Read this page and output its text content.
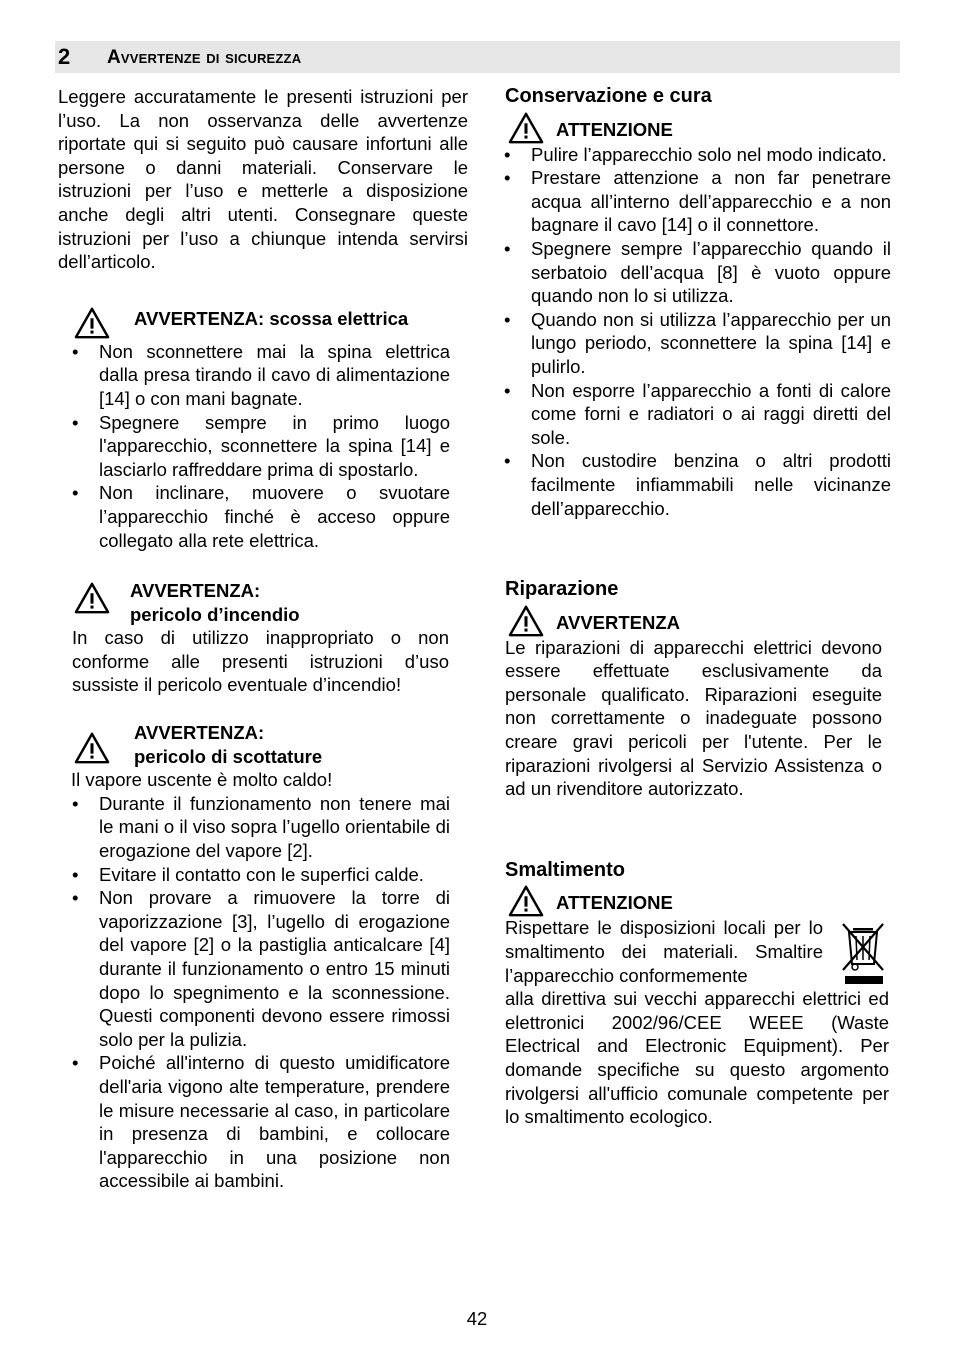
2 Avvertenze di sicurezza

Leggere accuratamente le presenti istruzioni per l’uso. La non osservanza delle avvertenze riportate qui si seguito può causare infortuni alle persone o danni materiali. Conservare le istruzioni per l’uso e metterle a disposizione anche degli altri utenti. Consegnare queste istruzioni per l’uso a chiunque intenda servirsi dell’articolo.

AVVERTENZA: scossa elettrica
• Non sconnettere mai la spina elettrica dalla presa tirando il cavo di alimentazione [14] o con mani bagnate.
• Spegnere sempre in primo luogo l'apparecchio, sconnettere la spina [14] e lasciarlo raffreddare prima di spostarlo.
• Non inclinare, muovere o svuotare l’apparecchio finché è acceso oppure collegato alla rete elettrica.
AVVERTENZA:
pericolo d’incendio

In caso di utilizzo inappropriato o non conforme alle presenti istruzioni d’uso sussiste il pericolo eventuale d’incendio!

AVVERTENZA:
pericolo di scottature

Il vapore uscente è molto caldo!

• Durante il funzionamento non tenere mai le mani o il viso sopra l’ugello orientabile di erogazione del vapore [2].
• Evitare il contatto con le superfici calde.
• Non provare a rimuovere la torre di vaporizzazione [3], l’ugello di erogazione del vapore [2] o la pastiglia anticalcare [4] durante il funzionamento o entro 15 minuti dopo lo spegnimento e la sconnessione. Questi componenti devono essere rimossi solo per la pulizia.
• Poiché all'interno di questo umidificatore dell'aria vigono alte temperature, prendere le misure necessarie al caso, in particolare in presenza di bambini, e collocare l'apparecchio in una posizione non accessibile ai bambini.
Conservazione e cura
ATTENZIONE
• Pulire l’apparecchio solo nel modo indicato.
• Prestare attenzione a non far penetrare acqua all’interno dell’apparecchio e a non bagnare il cavo [14] o il connettore.
• Spegnere sempre l’apparecchio quando il serbatoio dell’acqua [8] è vuoto oppure quando non lo si utilizza.
• Quando non si utilizza l’apparecchio per un lungo periodo, sconnettere la spina [14] e pulirlo.
• Non esporre l’apparecchio a fonti di calore come forni e radiatori o ai raggi diretti del sole.
• Non custodire benzina o altri prodotti facilmente infiammabili nelle vicinanze dell’apparecchio.
Riparazione
AVVERTENZA

Le riparazioni di apparecchi elettrici devono essere effettuate esclusivamente da personale qualificato. Riparazioni eseguite non correttamente o inadeguate possono creare gravi pericoli per l'utente. Per le riparazioni rivolgersi al Servizio Assistenza o ad un rivenditore autorizzato.

Smaltimento
ATTENZIONE

Rispettare le disposizioni locali per lo smaltimento dei materiali. Smaltire l’apparecchio conformemente

alla direttiva sui vecchi apparecchi elettrici ed elettronici 2002/96/CEE WEEE (Waste Electrical and Electronic Equipment). Per domande specifiche su questo argomento rivolgersi all'ufficio comunale competente per lo smaltimento ecologico.

42
